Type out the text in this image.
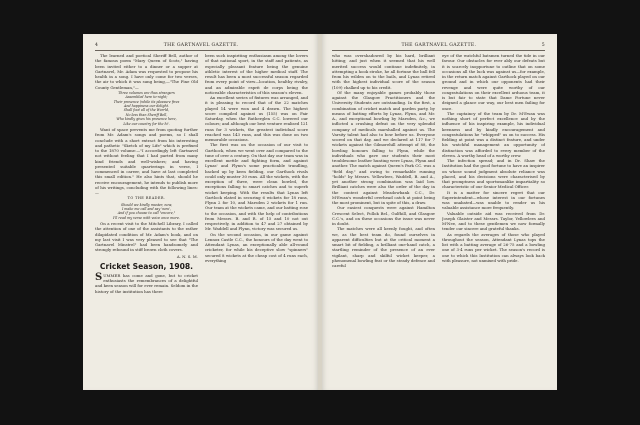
4	THE GARTNAVEL GAZETTE.

The learned and poetical Sheriff Bell, author of the famous poem "Mary Queen of Scots," having been invited either to a dinner or a supper at Gartnavel, Mr. Adam was requested to propose his health in a song. I have only come for two verses, the air to which it was sung being,—"The Fine Old County Gentleman,"—

Three volumes are thus strangers
Assembled here to-night;
Their presence (while its pleasure fires
And happiness our delight.
Shall foot all of the Worrld,
No less than Sheriff Bell,
Who kindly gives his presence here,
Like our country for the hi'.

Want of space prevents me from quoting further from Mr. Adam's songs and poems, so I shall conclude with a short extract from his interesting and pathetic "Sketch of my Life" which is prefixed to the 1870 volume:—"I accordingly left Gartnavel not without feeling that I had parted from many kind friends and well-wishers; and having presented suitable quarterings in verse, I commenced in career, and have at last completed this small edition." He also hints that, should he receive encouragement, he intends to publish more of his writings, concluding with the following lines:—

TO THE READER.
Should we kindly muster, now,
I make me call and say 'new',
And if you choose to call "encore,"
I'll read my verse with voice once more.

On a recent visit to the Mitchell Library, I called the attention of one of the assistants to the rather dilapidated condition of Mr. Adam's book, and on my last visit I was very pleased to see that "The Gartnavel Minstrel" had been handsomely and strongly rebound in stiff brown cloth covers.

A. N. S. M.
Cricket Season, 1908.

SUMMER has come and gone, but to cricket enthusiasts the remembrances of a delightful and keen season will for ever remain. Seldom in the history of the institution has there

been such inspiriting enthusiasm among the lovers of that national sport, in the staff and patients, as especially pleasant feature being the genuine athletic interest of the higher medical staff. The result has been a most successful season regarded from every point of view—location, healthy rivalry, and an admirable esprit de corps being the noticeable characteristics of this season's eleven.

An excellent series of fixtures was arranged, and it is pleasing to record that of the 22 matches played 14 were won and 4 drawn. The highest score compiled against us (155) was on Fair Saturday, when the Rutherglen C.C. lowered our colours; and although our best venture realised 121 runs for 3 wickets, the greatest individual score reached was 143 runs, and this was done on two memorable occasions.

The first was on the occasion of our visit to Garthock, when we went over and compared to the tune of over a century. On that day our team was in excellent mettle and fighting form, and against Lynas' and Flynn's some practicable trundling, backed up by keen fielding, our Garthock rivals could only muster 30 runs. All the wickets, with the exception of three, were clean bowled, the exceptions falling to smart catches and to superb wicket keeping. With the results that Lynas left Gartlock elated in securing 6 wickets for 18 runs, Flynn 2 for 10, and Marsden 2 wickets for 1 run. Our team at the wickets came, and our batting rose to the occasion, and with the help of contributions from Messrs. B. and R. of 15 and 10 not out respectively, in addition to 47 and 27 obtained by Mr. Waddell and Flynn, victory was secured us.

On the second occasion, in our game against Lennox Castle C.C., the honours of the day went to Attendant Lynas, an exceptionally able all-round cricketer, for while his deceptive slow "spinners" secured 8 wickets at the cheap cost of 4 runs each, everything

THE GARTNAVEL GAZETTE.	5

who was overshadowed by his hard, brilliant hitting; and just when it seemed that his well merited success would continue indefinitely, in attempting a hook stroke, he all fortune the ball fell from his wilden on to the bails, and Lynas retired with the highest individual score of the season (109) chalked up to his credit.

Of the many enjoyable games probably those against the Glasgow Practitioners and the University Students are outstanding. In the first, a combination of cricket match and garden party, by means of batting efforts by Lynas, Flynn, and Mr. A., and exceptional bowling by Marsden, &c., we inflicted a crushing defeat on the very splendid company of medicals marshalled against us. The Varsity talent had also to bow before us. Everyone scored on that day, and we declared at 117 for 7 wickets against the Gilmorehill attempt of 88, the bowling honours falling to Flynn, while the individuals who gave our students their most troublesome leather hunting were Lynas, Flynn and another. The match against Queen's Park CC. was a "field day," and owing to remarkable running "holds" by Messrs. Yellowlees, Waddell, B. and A., yet another strong combination was laid low. Brilliant catches were also the order of the day in the contest against Meadowbank C.C., Dr. M'Ewan's wonderful overhead catch at point being the most prominent, but in spite of this, a draw.

Our easiest conquests were against Hamilton Crescent Select, Pollok Bel., Gulfhill, and Glasgow C.C.'s, and on these occasions the issue was never in doubt.

The matches were all keenly fought, and often we, as the best team do, found ourselves in apparent difficulties but at the critical moment a smart bit of fielding, a brilliant one-hand catch, a startling reminder of the presence of an ever vigilant, sharp and skilful wicket keeper, a phenomenal bowling feat or the steady defence and careful

eye of the watchful batsmen turned the tide in our favour. Our obstacles for ever ably our defeats but it is scarcely inopportune to outline that on some occasions all the luck was against us—for example, in the return match against Garthock played on our ground and in which our opponents had their revenge and were quite worthy of our congratulations on their excellent arduous team, it is but fair to state that Dame Fortune never deigned a glance our way, our best men failing for once.

The captaincy of the team by Dr. M'Ewan was nothing short of perfect excellence and by the influence of his inspiring example, his individual keenness and by kindly encouragement and congratulations he "whipped" us on to success. His fielding at point was a distinct feature, and under his watchful management an opportunity of distinction was afforded to every member of the eleven. A worthy head of a worthy crew.

The infection spread; and in Dr. Shaw the Institution had the good fortune to have an inspirer on whose sound judgment absolute reliance was placed, and his decisions were characterised by that promptness and sportsmanlike impartiality so characteristic of our Senior Medical Officer.

It is a matter for sincere regret that our Superintendent—whose interest in our fortunes was unabated—was unable to render us his valuable assistance more frequently.

Valuable outside aid was received from Dr. Joseph Glaister and Messrs. Taylor, Yellowlees and M'Nee, and to these gentlemen we now formally tender our sincere and grateful thanks.

As regards the averages of those who played throughout the season, Attendant Lynas tops the list with a batting average of 26·75 and a bowling one of 3·4 runs per wicket. The season's record is one to which this Institution can always look back with pleasure, not unmixed with pride.
